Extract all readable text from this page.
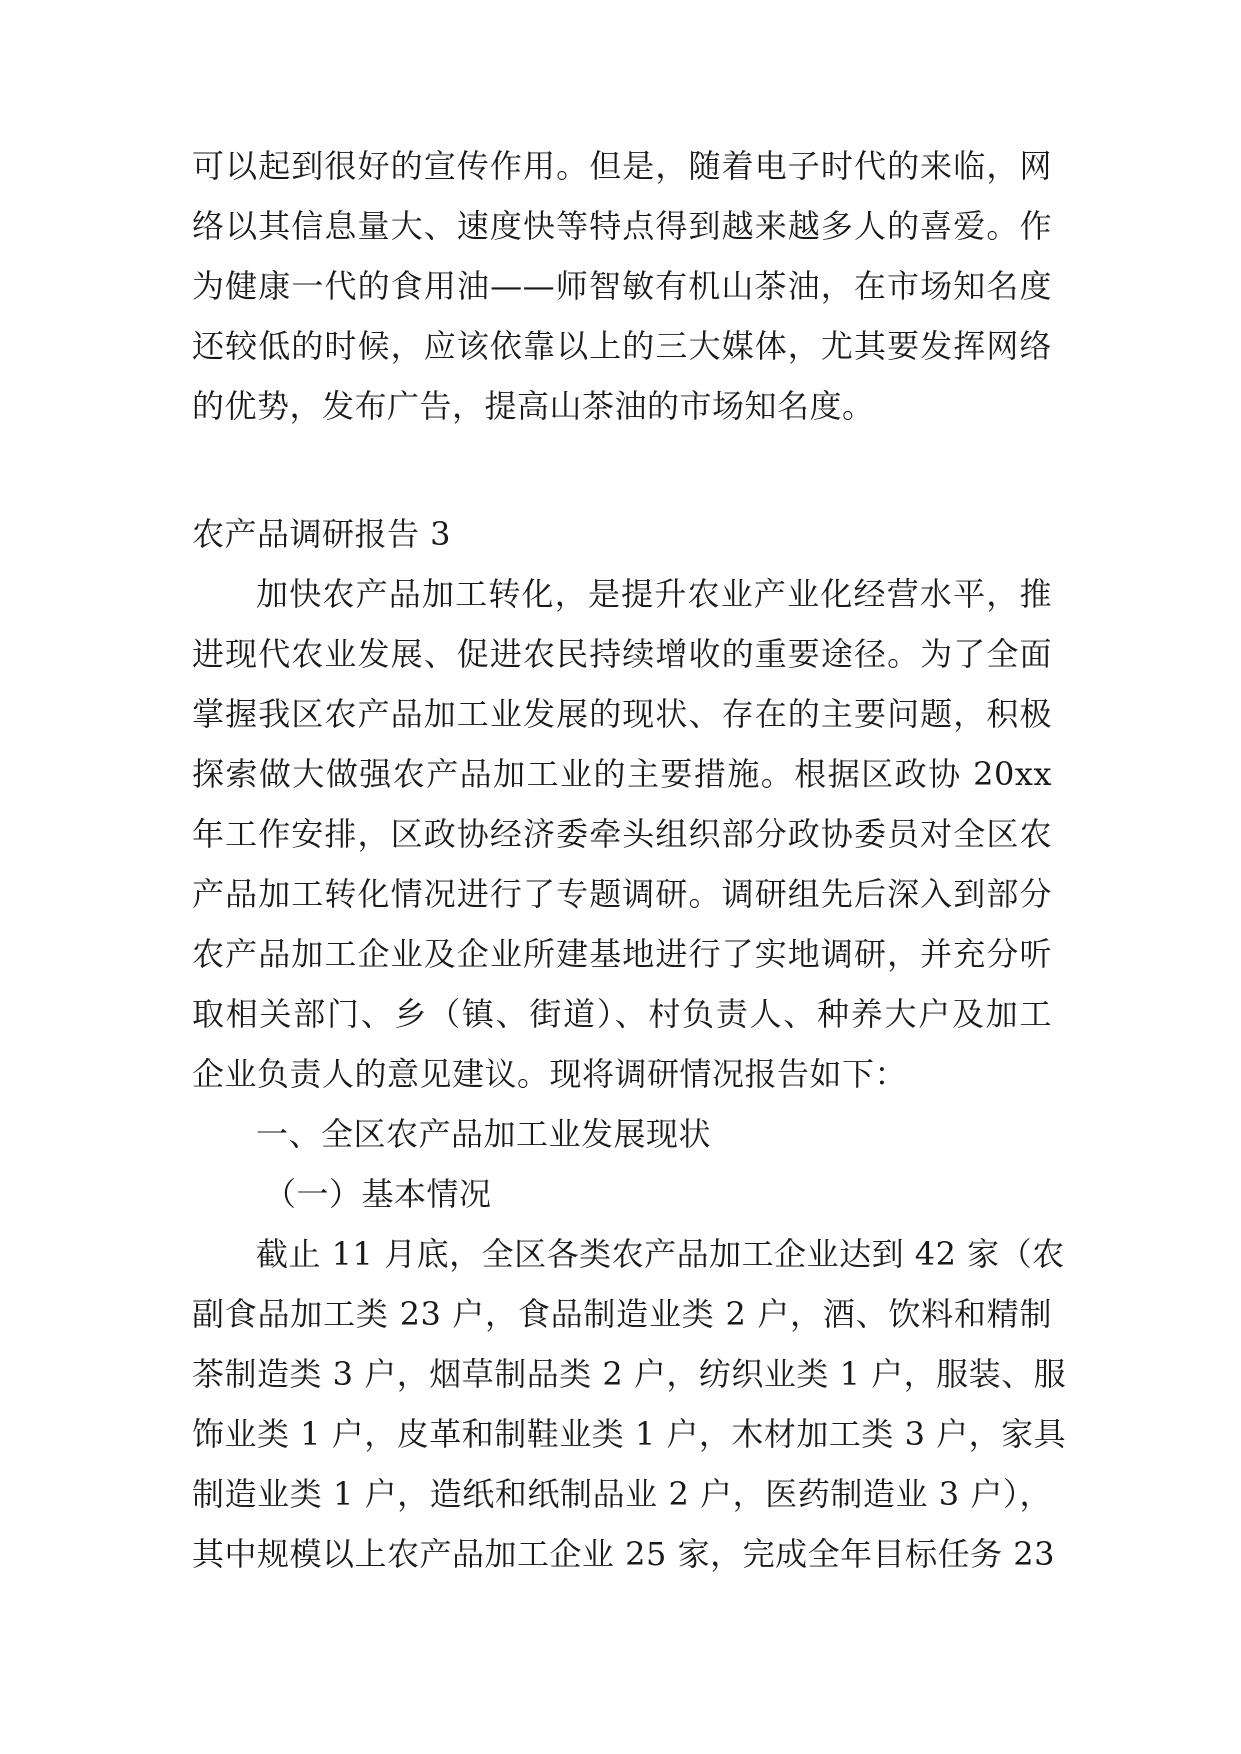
可以起到很好的宣传作用。但是，随着电子时代的来临，网
络以其信息量大、速度快等特点得到越来越多人的喜爱。作
为健康一代的食用油——师智敏有机山茶油，在市场知名度
还较低的时候，应该依靠以上的三大媒体，尤其要发挥网络
的优势，发布广告，提高山茶油的市场知名度。
农产品调研报告 3
加快农产品加工转化，是提升农业产业化经营水平，推
进现代农业发展、促进农民持续增收的重要途径。为了全面
掌握我区农产品加工业发展的现状、存在的主要问题，积极
探索做大做强农产品加工业的主要措施。根据区政协 20xx
年工作安排，区政协经济委牵头组织部分政协委员对全区农
产品加工转化情况进行了专题调研。调研组先后深入到部分
农产品加工企业及企业所建基地进行了实地调研，并充分听
取相关部门、乡（镇、街道）、村负责人、种养大户及加工
企业负责人的意见建议。现将调研情况报告如下：
一、全区农产品加工业发展现状
（一）基本情况
截止 11 月底，全区各类农产品加工企业达到 42 家（农
副食品加工类 23 户，食品制造业类 2 户，酒、饮料和精制
茶制造类 3 户，烟草制品类 2 户，纺织业类 1 户，服装、服
饰业类 1 户，皮革和制鞋业类 1 户，木材加工类 3 户，家具
制造业类 1 户，造纸和纸制品业 2 户，医药制造业 3 户），
其中规模以上农产品加工企业 25 家，完成全年目标任务 23
